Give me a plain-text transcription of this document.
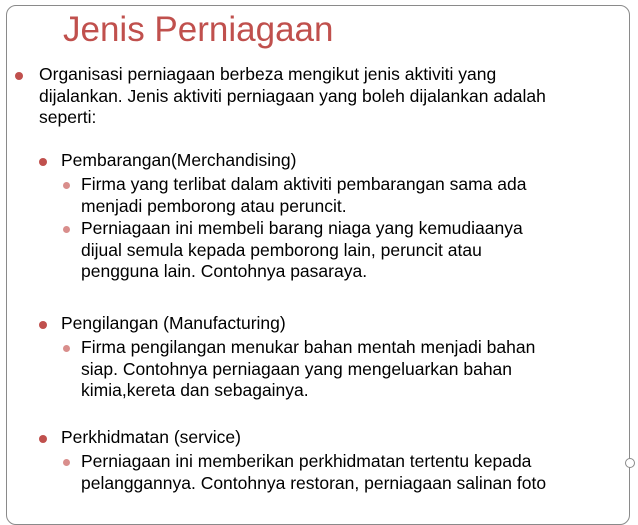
Jenis Perniagaan
Organisasi perniagaan berbeza mengikut jenis aktiviti yang
dijalankan. Jenis aktiviti perniagaan yang boleh dijalankan adalah
seperti:
Pembarangan(Merchandising)
Firma yang terlibat dalam aktiviti pembarangan sama ada
menjadi pemborong atau peruncit.
Perniagaan ini membeli barang niaga yang kemudiaanya
dijual semula kepada pemborong lain, peruncit atau
pengguna lain. Contohnya pasaraya.
Pengilangan (Manufacturing)
Firma pengilangan menukar bahan mentah menjadi bahan
siap. Contohnya perniagaan yang mengeluarkan bahan
kimia,kereta dan sebagainya.
Perkhidmatan (service)
Perniagaan ini memberikan perkhidmatan tertentu kepada
pelanggannya. Contohnya restoran, perniagaan salinan foto
